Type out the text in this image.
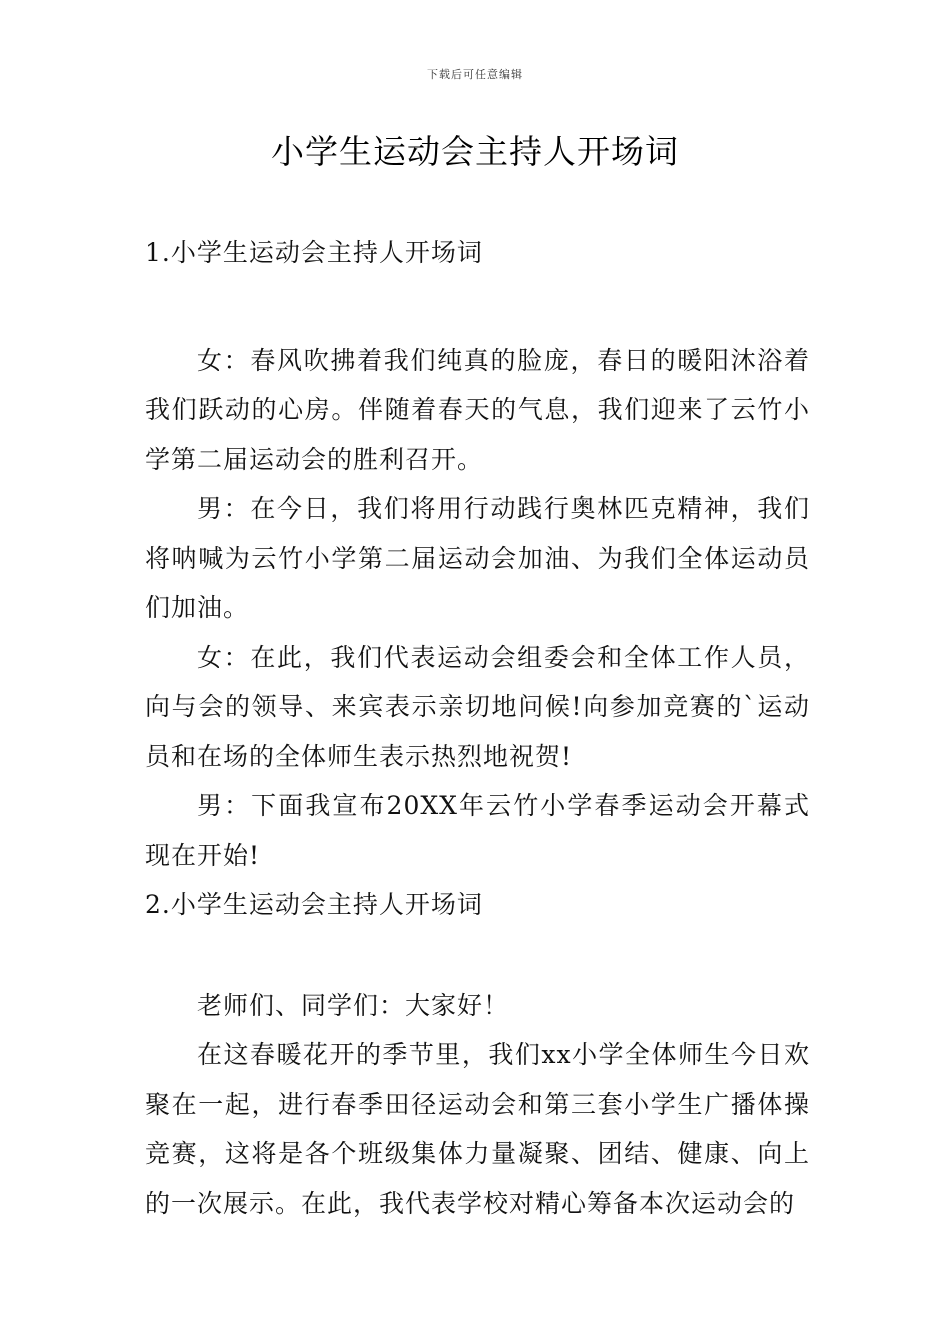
下载后可任意编辑
小学生运动会主持人开场词

1.小学生运动会主持人开场词

女：春风吹拂着我们纯真的脸庞，春日的暖阳沐浴着我们跃动的心房。伴随着春天的气息，我们迎来了云竹小学第二届运动会的胜利召开。

男：在今日，我们将用行动践行奥林匹克精神，我们将呐喊为云竹小学第二届运动会加油、为我们全体运动员们加油。

女：在此，我们代表运动会组委会和全体工作人员，向与会的领导、来宾表示亲切地问候!向参加竞赛的`运动员和在场的全体师生表示热烈地祝贺!

男：下面我宣布20XX年云竹小学春季运动会开幕式现在开始!

2.小学生运动会主持人开场词

老师们、同学们：大家好！

在这春暖花开的季节里，我们xx小学全体师生今日欢聚在一起，进行春季田径运动会和第三套小学生广播体操竞赛，这将是各个班级集体力量凝聚、团结、健康、向上的一次展示。在此，我代表学校对精心筹备本次运动会的
